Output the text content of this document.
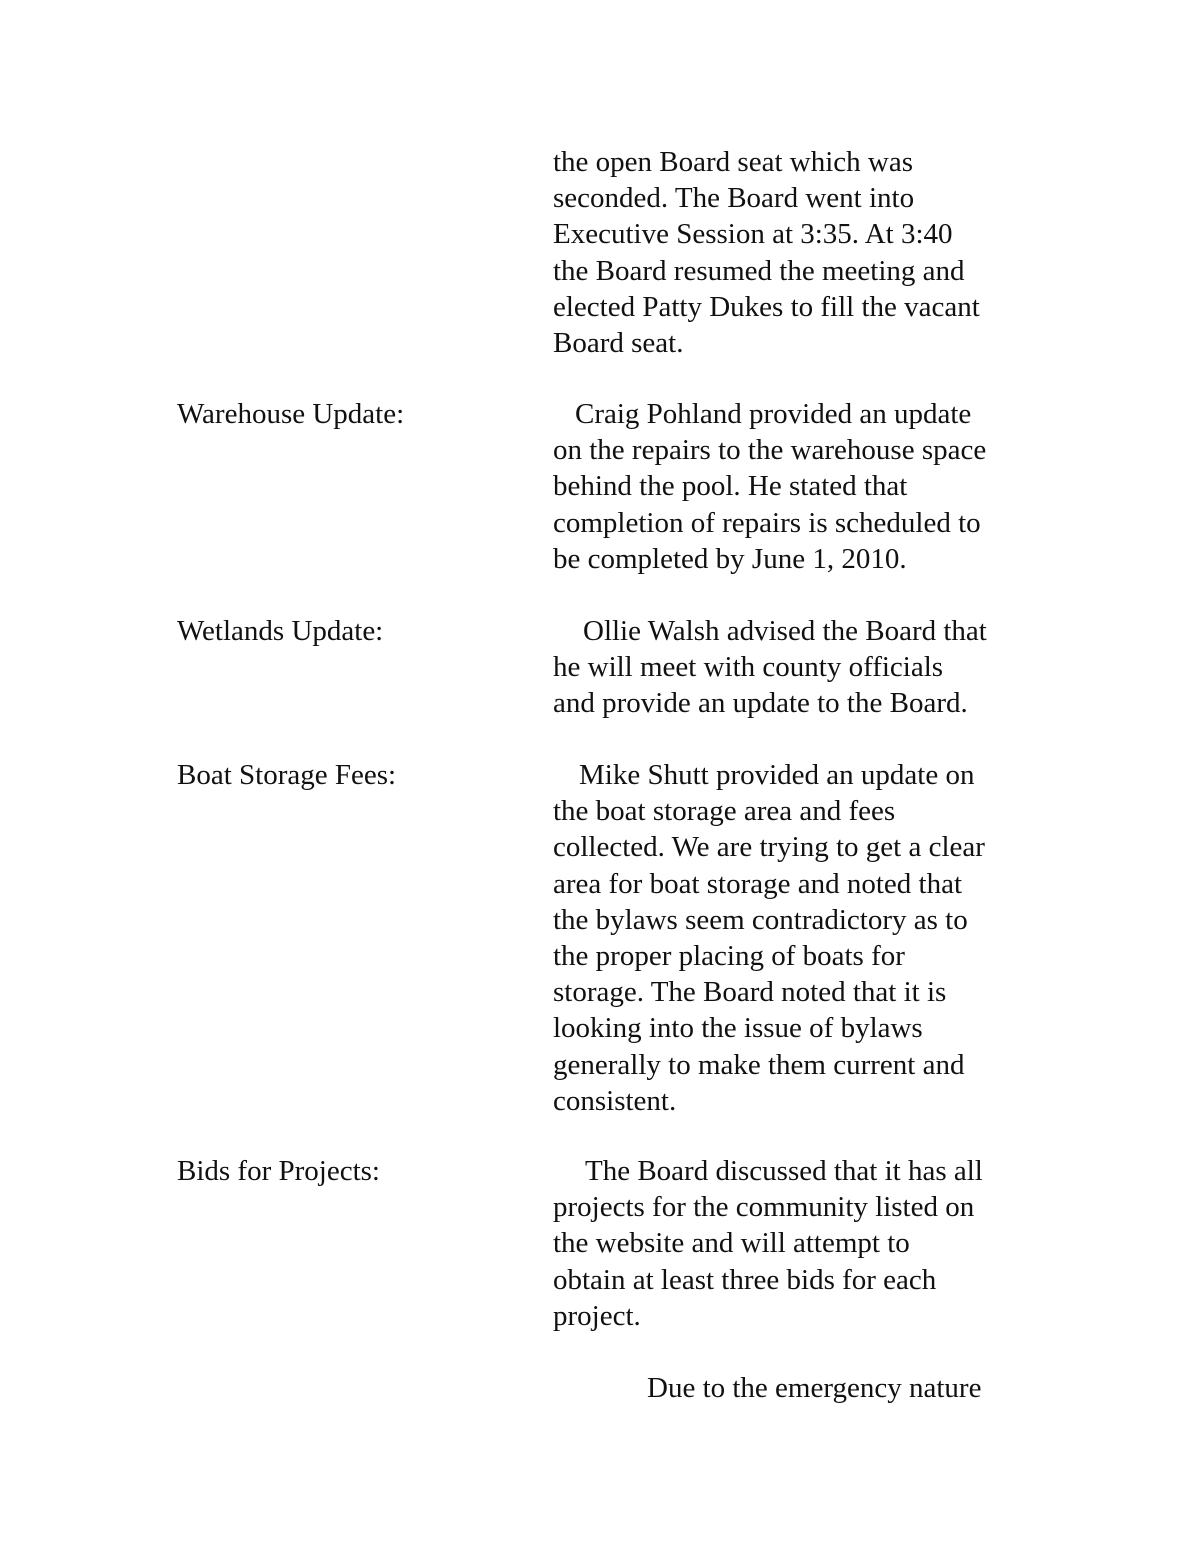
the open Board seat which was
seconded. The Board went into
Executive Session at 3:35. At 3:40
the Board resumed the meeting and
elected Patty Dukes to fill the vacant
Board seat.
Warehouse Update:	Craig Pohland provided an update
on the repairs to the warehouse space
behind the pool. He stated that
completion of repairs is scheduled to
be completed by June 1, 2010.
Wetlands Update:	Ollie Walsh advised the Board that
he will meet with county officials
and provide an update to the Board.
Boat Storage Fees:	Mike Shutt provided an update on
the boat storage area and fees
collected. We are trying to get a clear
area for boat storage and noted that
the bylaws seem contradictory as to
the proper placing of boats for
storage. The Board noted that it is
looking into the issue of bylaws
generally to make them current and
consistent.
Bids for Projects:	The Board discussed that it has all
projects for the community listed on
the website and will attempt to
obtain at least three bids for each
project.
Due to the emergency nature
